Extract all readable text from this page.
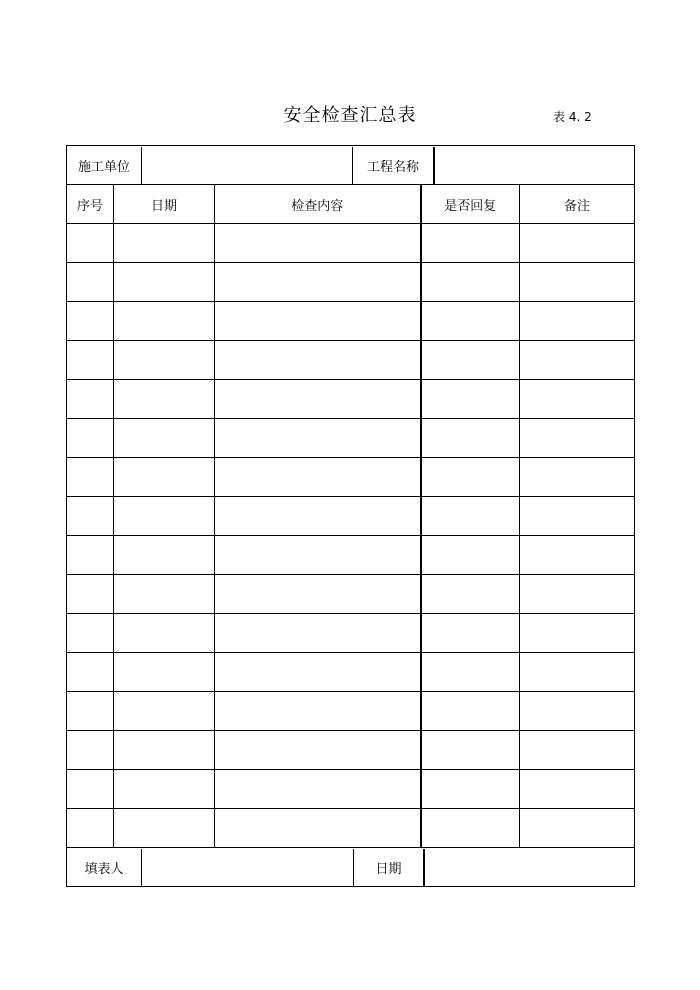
安全检查汇总表	表 4. 2
施工单位		工程名称	

序号	日期	检查内容	是否回复	备注

填表人		日期	
